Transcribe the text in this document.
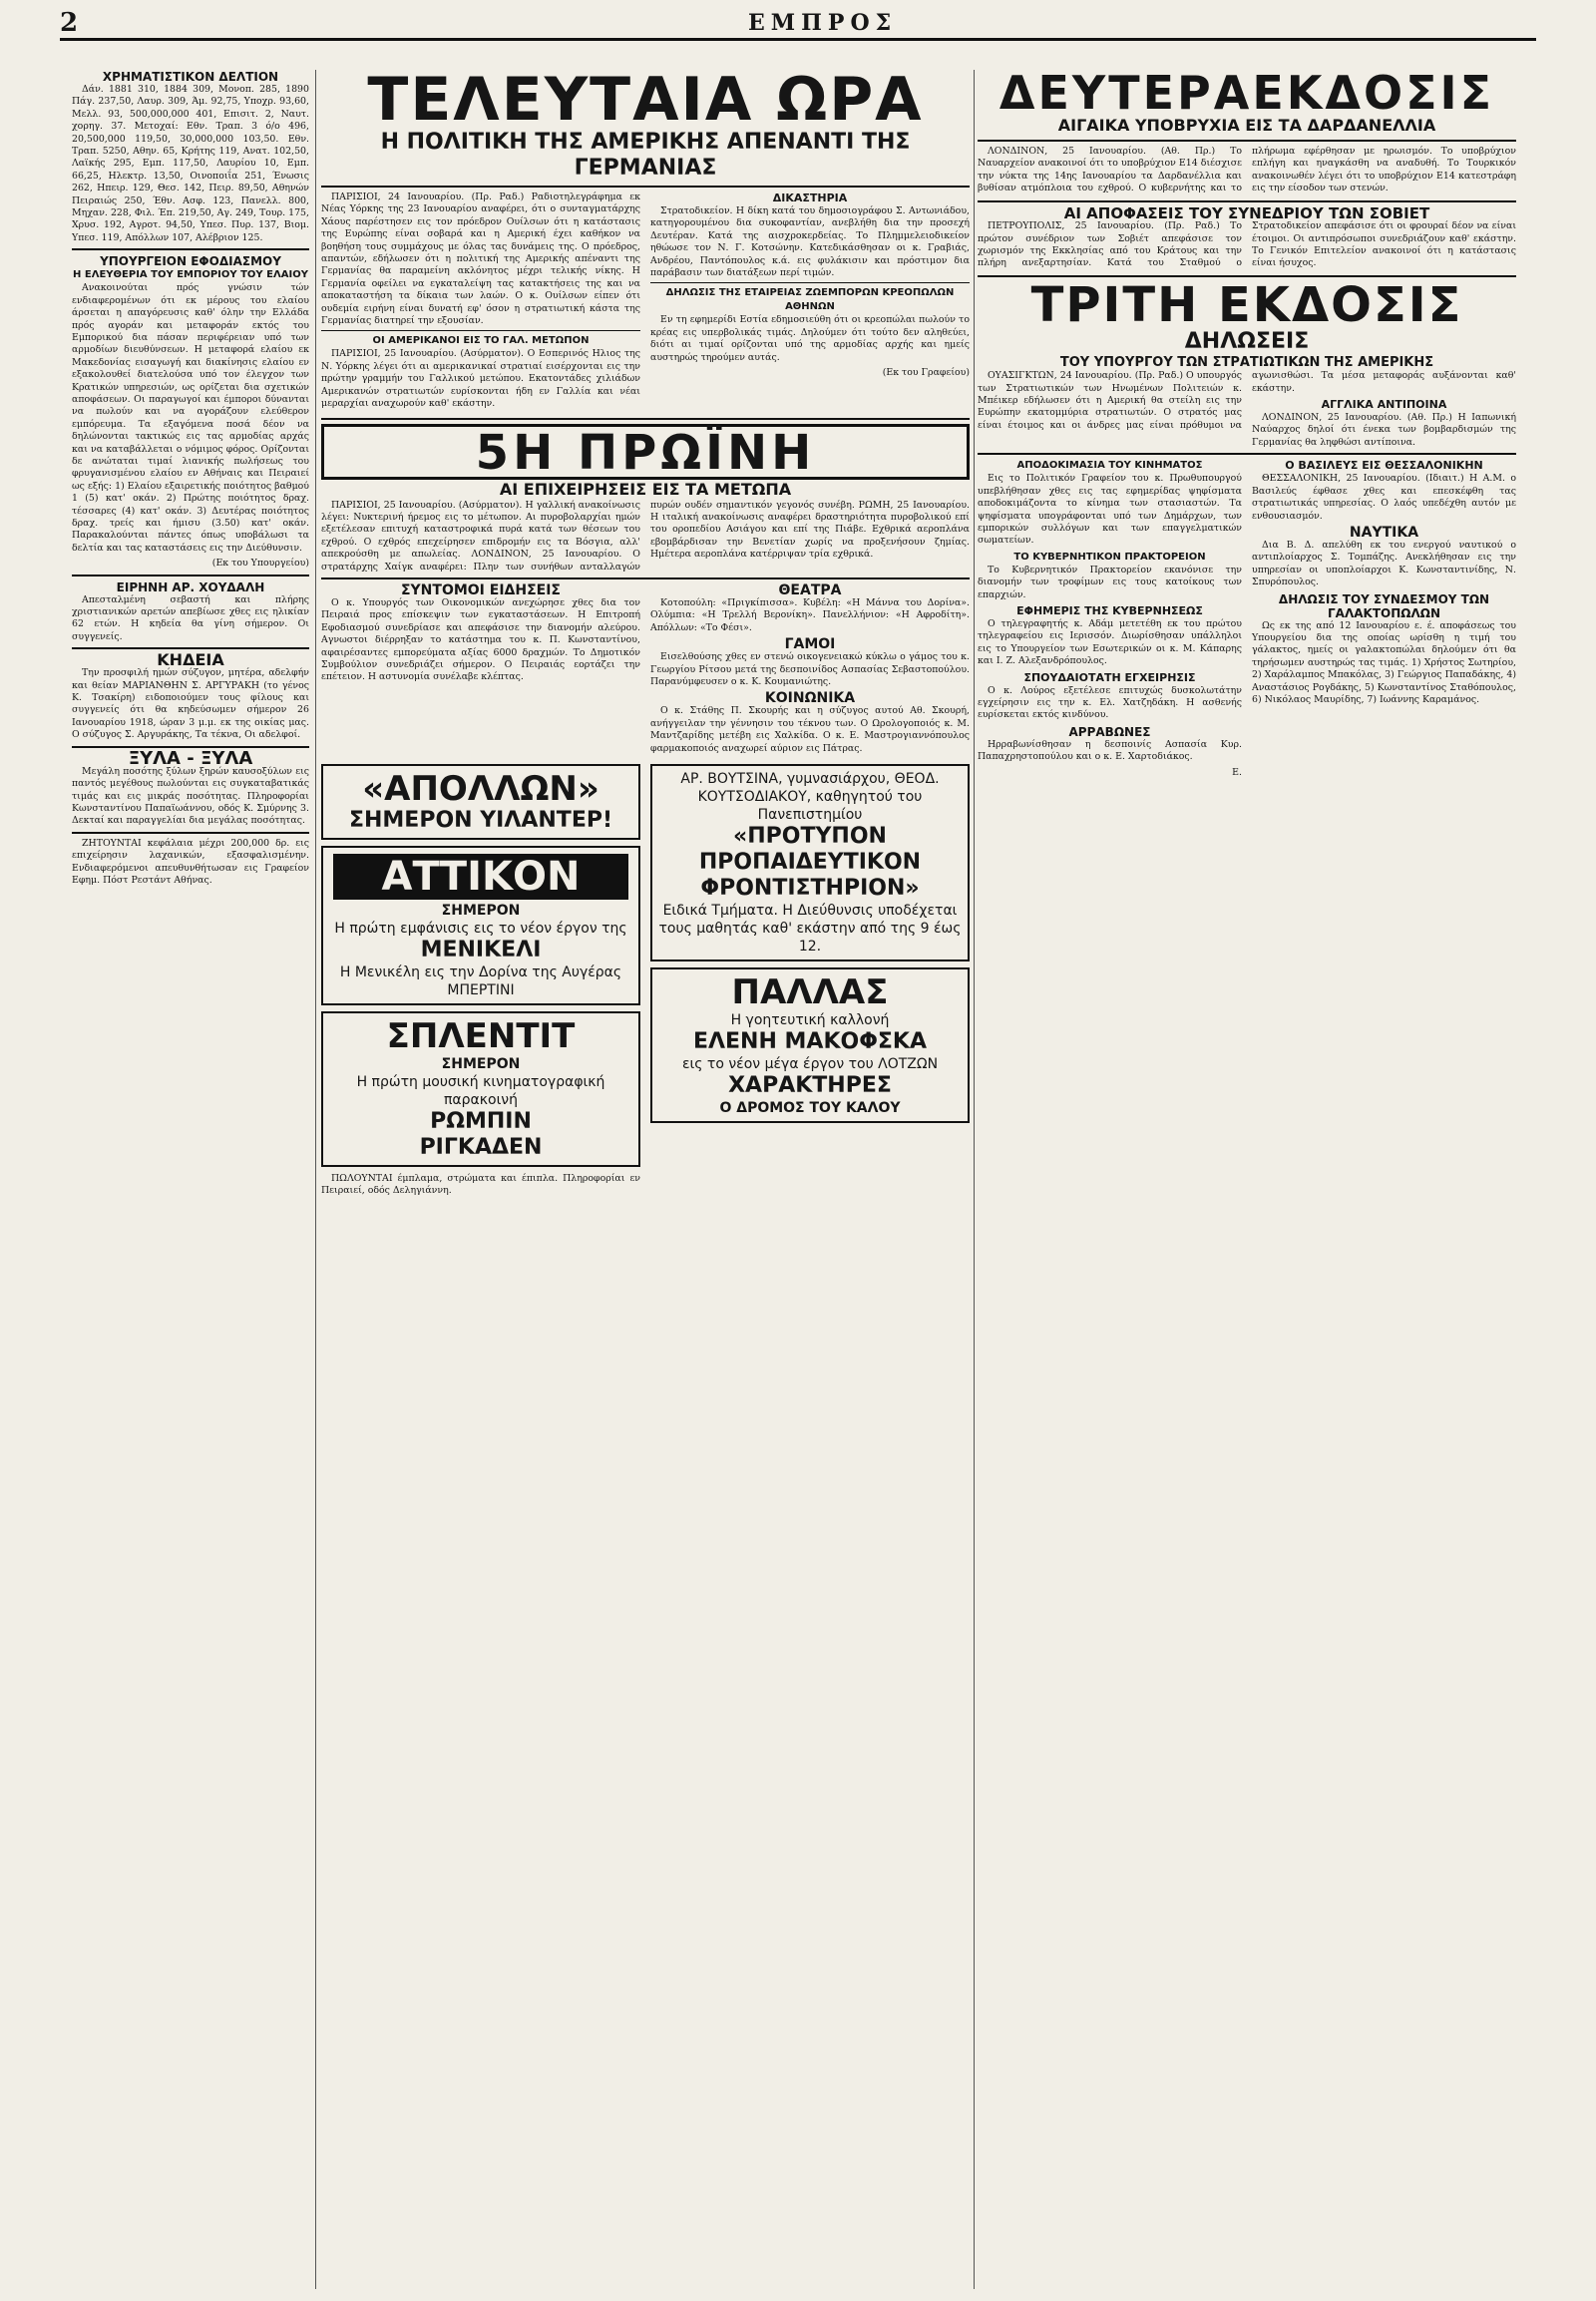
2	ΕΜΠΡΟΣ
ΧΡΗΜΑΤΙΣΤΙΚΟΝ ΔΕΛΤΙΟΝ

Δάν. 1881 310, 1884 309, Μονοπ. 285, 1890 Πάγ. 237,50, Λαυρ. 309, Άμ. 92,75, Υποχρ. 93,60, Μελλ. 93, 500,000,000 401, Επισιτ. 2, Ναυτ. χορηγ. 37. Μετοχαί: Εθν. Τραπ. 3 ό/ο 496, 20,500,000 119,50, 30,000,000 103,50. Εθν. Τραπ. 5250, Αθην. 65, Κρήτης 119, Ανατ. 102,50, Λαϊκής 295, Εμπ. 117,50, Λαυρίου 10, Εμπ. 66,25, Ηλεκτρ. 13,50, Οινοποιΐα 251, Ένωσις 262, Ηπειρ. 129, Θεσ. 142, Πειρ. 89,50, Αθηνών Πειραιώς 250, Έθν. Ασφ. 123, Πανελλ. 800, Μηχαν. 228, Φιλ. Έπ. 219,50, Αγ. 249, Τουρ. 175, Χρυσ. 192, Αγροτ. 94,50, Υπεσ. Πυρ. 137, Βιομ. Υπεσ. 119, Απόλλων 107, Αλέβριον 125.

ΥΠΟΥΡΓΕΙΟΝ ΕΦΟΔΙΑΣΜΟΥ
Η ΕΛΕΥΘΕΡΙΑ ΤΟΥ ΕΜΠΟΡΙΟΥ ΤΟΥ ΕΛΑΙΟΥ

Ανακοινούται πρός γνώσιν τών ενδιαφερομένων ότι εκ μέρους του ελαίου άρσεται η απαγόρευσις καθ' όλην την Ελλάδα πρός αγοράν και μεταφοράν εκτός του Εμπορικού δια πάσαν περιφέρειαν υπό των αρμοδίων διευθύνσεων. Η μεταφορά ελαίου εκ Μακεδονίας εισαγωγή και διακίνησις ελαίου εν εξακολουθεί διατελούσα υπό τον έλεγχον των Κρατικών υπηρεσιών, ως ορίζεται δια σχετικών αποφάσεων. Οι παραγωγοί και έμποροι δύνανται να πωλούν και να αγοράζουν ελεύθερον εμπόρευμα. Τα εξαγόμενα ποσά δέον να δηλώνονται τακτικώς εις τας αρμοδίας αρχάς και να καταβάλλεται ο νόμιμος φόρος. Ορίζονται δε ανώταται τιμαί λιανικής πωλήσεως του φρυγανισμένου ελαίου εν Αθήναις και Πειραιεί ως εξής: 1) Ελαίου εξαιρετικής ποιότητος βαθμού 1 (5) κατ' οκάν. 2) Πρώτης ποιότητος δραχ. τέσσαρες (4) κατ' οκάν. 3) Δευτέρας ποιότητος δραχ. τρείς και ήμισυ (3.50) κατ' οκάν. Παρακαλούνται πάντες όπως υποβάλωσι τα δελτία και τας καταστάσεις εις την Διεύθυνσιν.

(Εκ του Υπουργείου)
ΕΙΡΗΝΗ ΑΡ. ΧΟΥΔΑΛΗ

Απεσταλμένη σεβαστή και πλήρης χριστιανικών αρετών απεβίωσε χθες εις ηλικίαν 62 ετών. Η κηδεία θα γίνη σήμερον. Οι συγγενείς.

ΚΗΔΕΙΑ

Την προσφιλή ημών σύζυγον, μητέρα, αδελφήν και θείαν ΜΑΡΙΑΝΘΗΝ Σ. ΑΡΓΥΡΑΚΗ (το γένος Κ. Τσακίρη) ειδοποιούμεν τους φίλους και συγγενείς ότι θα κηδεύσωμεν σήμερον 26 Ιανουαρίου 1918, ώραν 3 μ.μ. εκ της οικίας μας. Ο σύζυγος Σ. Αργυράκης, Τα τέκνα, Οι αδελφοί.

ΞΥΛΑ - ΞΥΛΑ

Μεγάλη ποσότης ξύλων ξηρών καυσοξύλων εις παντός μεγέθους πωλούνται εις συγκαταβατικάς τιμάς και εις μικράς ποσότητας. Πληροφορίαι Κωνσταντίνου Παπαϊωάννου, οδός Κ. Σμύρνης 3. Δεκταί και παραγγελίαι δια μεγάλας ποσότητας.

ΖΗΤΟΥΝΤΑΙ κεφάλαια μέχρι 200,000 δρ. εις επιχείρησιν λαχανικών, εξασφαλισμένην. Ενδιαφερόμενοι απευθυνθήτωσαν εις Γραφείον Εφημ. Πόστ Ρεστάντ Αθήνας.

ΤΕΛΕΥΤΑΙΑ ΩΡΑ
Η ΠΟΛΙΤΙΚΗ ΤΗΣ ΑΜΕΡΙΚΗΣ ΑΠΕΝΑΝΤΙ ΤΗΣ ΓΕΡΜΑΝΙΑΣ

ΠΑΡΙΣΙΟΙ, 24 Ιανουαρίου. (Πρ. Ραδ.) Ραδιοτηλεγράφημα εκ Νέας Υόρκης της 23 Ιανουαρίου αναφέρει, ότι ο συνταγματάρχης Χάους παρέστησεν εις τον πρόεδρον Ουίλσων ότι η κατάστασις της Ευρώπης είναι σοβαρά και η Αμερική έχει καθήκον να βοηθήση τους συμμάχους με όλας τας δυνάμεις της. Ο πρόεδρος, απαντών, εδήλωσεν ότι η πολιτική της Αμερικής απέναντι της Γερμανίας θα παραμείνη ακλόνητος μέχρι τελικής νίκης. Η Γερμανία οφείλει να εγκαταλείψη τας κατακτήσεις της και να αποκαταστήση τα δίκαια των λαών. Ο κ. Ουίλσων είπεν ότι ουδεμία ειρήνη είναι δυνατή εφ' όσον η στρατιωτική κάστα της Γερμανίας διατηρεί την εξουσίαν.

ΟΙ ΑΜΕΡΙΚΑΝΟΙ ΕΙΣ ΤΟ ΓΑΛ. ΜΕΤΩΠΟΝ

ΠΑΡΙΣΙΟΙ, 25 Ιανουαρίου. (Ασύρματον). Ο Εσπερινός Ηλιος της Ν. Υόρκης λέγει ότι αι αμερικανικαί στρατιαί εισέρχονται εις την πρώτην γραμμήν του Γαλλικού μετώπου. Εκατοντάδες χιλιάδων Αμερικανών στρατιωτών ευρίσκονται ήδη εν Γαλλία και νέαι μεραρχίαι αναχωρούν καθ' εκάστην.

ΔΙΚΑΣΤΗΡΙΑ

Στρατοδικείον. Η δίκη κατά του δημοσιογράφου Σ. Αντωνιάδου, κατηγορουμένου δια συκοφαντίαν, ανεβλήθη δια την προσεχή Δευτέραν. Κατά της αισχροκερδείας. Το Πλημμελειοδικείον ηθώωσε τον Ν. Γ. Κοτσώνην. Κατεδικάσθησαν οι κ. Γραβιάς, Ανδρέου, Παντόπουλος κ.ά. εις φυλάκισιν και πρόστιμον δια παράβασιν των διατάξεων περί τιμών.

ΔΗΛΩΣΙΣ ΤΗΣ ΕΤΑΙΡΕΙΑΣ ΖΩΕΜΠΟΡΩΝ ΚΡΕΟΠΩΛΩΝ ΑΘΗΝΩΝ

Εν τη εφημερίδι Εστία εδημοσιεύθη ότι οι κρεοπώλαι πωλούν το κρέας εις υπερβολικάς τιμάς. Δηλούμεν ότι τούτο δεν αληθεύει, διότι αι τιμαί ορίζονται υπό της αρμοδίας αρχής και ημείς αυστηρώς τηρούμεν αυτάς.

(Εκ του Γραφείου)
5Η ΠΡΩΪΝΗ
ΑΙ ΕΠΙΧΕΙΡΗΣΕΙΣ ΕΙΣ ΤΑ ΜΕΤΩΠΑ

ΠΑΡΙΣΙΟΙ, 25 Ιανουαρίου. (Ασύρματον). Η γαλλική ανακοίνωσις λέγει: Νυκτερινή ήρεμος εις το μέτωπον. Αι πυροβολαρχίαι ημών εξετέλεσαν επιτυχή καταστροφικά πυρά κατά των θέσεων του εχθρού. Ο εχθρός επεχείρησεν επιδρομήν εις τα Βόσγια, αλλ' απεκρούσθη με απωλείας. ΛΟΝΔΙΝΟΝ, 25 Ιανουαρίου. Ο στρατάρχης Χαίγκ αναφέρει: Πλην των συνήθων ανταλλαγών πυρών ουδέν σημαντικόν γεγονός συνέβη. ΡΩΜΗ, 25 Ιανουαρίου. Η ιταλική ανακοίνωσις αναφέρει δραστηριότητα πυροβολικού επί του οροπεδίου Ασιάγου και επί της Πιάβε. Εχθρικά αεροπλάνα εβομβάρδισαν την Βενετίαν χωρίς να προξενήσουν ζημίας. Ημέτερα αεροπλάνα κατέρριψαν τρία εχθρικά.

ΣΥΝΤΟΜΟΙ ΕΙΔΗΣΕΙΣ

Ο κ. Υπουργός των Οικονομικών ανεχώρησε χθες δια τον Πειραιά προς επίσκεψιν των εγκαταστάσεων. Η Επιτροπή Εφοδιασμού συνεδρίασε και απεφάσισε την διανομήν αλεύρου. Αγνωστοι διέρρηξαν το κατάστημα του κ. Π. Κωνσταντίνου, αφαιρέσαντες εμπορεύματα αξίας 6000 δραχμών. Το Δημοτικόν Συμβούλιον συνεδριάζει σήμερον. Ο Πειραιάς εορτάζει την επέτειον. Η αστυνομία συνέλαβε κλέπτας.

ΘΕΑΤΡΑ

Κοτοπούλη: «Πριγκίπισσα». Κυβέλη: «Η Μάννα του Δορίνα». Ολύμπια: «Η Τρελλή Βερονίκη». Πανελλήνιον: «Η Αφροδίτη». Απόλλων: «Το Φέσι».

ΓΑΜΟΙ

Εισελθούσης χθες εν στενώ οικογενειακώ κύκλω ο γάμος του κ. Γεωργίου Ρίτσου μετά της δεσποινίδος Ασπασίας Σεβαστοπούλου. Παρανύμφευσεν ο κ. Κ. Κουμανιώτης.

ΚΟΙΝΩΝΙΚΑ

Ο κ. Στάθης Π. Σκουρής και η σύζυγος αυτού Αθ. Σκουρή, ανήγγειλαν την γέννησιν του τέκνου των. Ο Ωρολογοποιός κ. Μ. Μαντζαρίδης μετέβη εις Χαλκίδα. Ο κ. Ε. Μαστρογιαννόπουλος φαρμακοποιός αναχωρεί αύριον εις Πάτρας.

«ΑΠΟΛΛΩΝ»
ΣΗΜΕΡΟΝ ΥΙΛΑΝΤΕΡ!
ΑΤΤΙΚΟΝ
ΣΗΜΕΡΟΝ
Η πρώτη εμφάνισις εις το νέον έργον της
ΜΕΝΙΚΕΛΙ
Η Μενικέλη εις την Δορίνα της Αυγέρας ΜΠΕΡΤΙΝΙ
ΣΠΛΕΝΤΙΤ
ΣΗΜΕΡΟΝ
Η πρώτη μουσική κινηματογραφική παρακοινή
ΡΩΜΠΙΝ
ΡΙΓΚΑΔΕΝ

ΠΩΛΟΥΝΤΑΙ έμπλαμα, στρώματα και έπιπλα. Πληροφορίαι εν Πειραιεί, οδός Δεληγιάννη.

ΑΡ. ΒΟΥΤΣΙΝΑ, γυμνασιάρχου, ΘΕΟΔ. ΚΟΥΤΣΟΔΙΑΚΟΥ, καθηγητού του Πανεπιστημίου
«ΠΡΟΤΥΠΟΝ ΠΡΟΠΑΙΔΕΥΤΙΚΟΝ ΦΡΟΝΤΙΣΤΗΡΙΟΝ»
Ειδικά Τμήματα. Η Διεύθυνσις υποδέχεται τους μαθητάς καθ' εκάστην από της 9 έως 12.
ΠΑΛΛΑΣ
Η γοητευτική καλλονή
ΕΛΕΝΗ ΜΑΚΟΦΣΚΑ
εις το νέον μέγα έργον του ΛΟΤΖΩΝ
ΧΑΡΑΚΤΗΡΕΣ
Ο ΔΡΟΜΟΣ ΤΟΥ ΚΑΛΟΥ
ΔΕΥΤΕΡΑΕΚΔΟΣΙΣ
ΑΙΓΑΙΚΑ ΥΠΟΒΡΥΧΙΑ ΕΙΣ ΤΑ ΔΑΡΔΑΝΕΛΛΙΑ

ΛΟΝΔΙΝΟΝ, 25 Ιανουαρίου. (Αθ. Πρ.) Το Ναυαρχείον ανακοινοί ότι το υποβρύχιον Ε14 διέσχισε την νύκτα της 14ης Ιανουαρίου τα Δαρδανέλλια και βυθίσαν ατμόπλοια του εχθρού. Ο κυβερνήτης και το πλήρωμα εφέρθησαν με ηρωισμόν. Το υποβρύχιον επλήγη και ηναγκάσθη να αναδυθή. Το Τουρκικόν ανακοινωθέν λέγει ότι το υποβρύχιον Ε14 κατεστράφη εις την είσοδον των στενών.

ΑΙ ΑΠΟΦΑΣΕΙΣ ΤΟΥ ΣΥΝΕΔΡΙΟΥ ΤΩΝ ΣΟΒΙΕΤ

ΠΕΤΡΟΥΠΟΛΙΣ, 25 Ιανουαρίου. (Πρ. Ραδ.) Το πρώτον συνέδριον των Σοβιέτ απεφάσισε τον χωρισμόν της Εκκλησίας από του Κράτους και την πλήρη ανεξαρτησίαν. Κατά του Σταθμού ο Στρατοδικείον απεφάσισε ότι οι φρουραί δέον να είναι έτοιμοι. Οι αντιπρόσωποι συνεδριάζουν καθ' εκάστην. Το Γενικόν Επιτελείον ανακοινοί ότι η κατάστασις είναι ήσυχος.

ΤΡΙΤΗ ΕΚΔΟΣΙΣ
ΔΗΛΩΣΕΙΣ
ΤΟΥ ΥΠΟΥΡΓΟΥ ΤΩΝ ΣΤΡΑΤΙΩΤΙΚΩΝ ΤΗΣ ΑΜΕΡΙΚΗΣ

ΟΥΑΣΙΓΚΤΩΝ, 24 Ιανουαρίου. (Πρ. Ραδ.) Ο υπουργός των Στρατιωτικών των Ηνωμένων Πολιτειών κ. Μπέικερ εδήλωσεν ότι η Αμερική θα στείλη εις την Ευρώπην εκατομμύρια στρατιωτών. Ο στρατός μας είναι έτοιμος και οι άνδρες μας είναι πρόθυμοι να αγωνισθώσι. Τα μέσα μεταφοράς αυξάνονται καθ' εκάστην.

ΑΓΓΛΙΚΑ ΑΝΤΙΠΟΙΝΑ

ΛΟΝΔΙΝΟΝ, 25 Ιανουαρίου. (Αθ. Πρ.) Η Ιαπωνική Ναύαρχος δηλοί ότι ένεκα των βομβαρδισμών της Γερμανίας θα ληφθώσι αντίποινα.

ΑΠΟΔΟΚΙΜΑΣΙΑ ΤΟΥ ΚΙΝΗΜΑΤΟΣ

Εις το Πολιτικόν Γραφείον του κ. Πρωθυπουργού υπεβλήθησαν χθες εις τας εφημερίδας ψηφίσματα αποδοκιμάζοντα το κίνημα των στασιαστών. Τα ψηφίσματα υπογράφονται υπό των Δημάρχων, των εμπορικών συλλόγων και των επαγγελματικών σωματείων.

ΤΟ ΚΥΒΕΡΝΗΤΙΚΟΝ ΠΡΑΚΤΟΡΕΙΟΝ

Το Κυβερνητικόν Πρακτορείον εκανόνισε την διανομήν των τροφίμων εις τους κατοίκους των επαρχιών.

ΕΦΗΜΕΡΙΣ ΤΗΣ ΚΥΒΕΡΝΗΣΕΩΣ

Ο τηλεγραφητής κ. Αδάμ μετετέθη εκ του πρώτου τηλεγραφείου εις Ιερισσόν. Διωρίσθησαν υπάλληλοι εις το Υπουργείον των Εσωτερικών οι κ. Μ. Κάπαρης και Ι. Ζ. Αλεξανδρόπουλος.

ΣΠΟΥΔΑΙΟΤΑΤΗ ΕΓΧΕΙΡΗΣΙΣ

Ο κ. Λούρος εξετέλεσε επιτυχώς δυσκολωτάτην εγχείρησιν εις την κ. Ελ. Χατζηδάκη. Η ασθενής ευρίσκεται εκτός κινδύνου.

ΑΡΡΑΒΩΝΕΣ

Ηρραβωνίσθησαν η δεσποινίς Ασπασία Κυρ. Παπαχρηστοπούλου και ο κ. Ε. Χαρτοδιάκος.

Ε.
Ο ΒΑΣΙΛΕΥΣ ΕΙΣ ΘΕΣΣΑΛΟΝΙΚΗΝ

ΘΕΣΣΑΛΟΝΙΚΗ, 25 Ιανουαρίου. (Ιδιαιτ.) Η Α.Μ. ο Βασιλεύς έφθασε χθες και επεσκέφθη τας στρατιωτικάς υπηρεσίας. Ο λαός υπεδέχθη αυτόν με ενθουσιασμόν.

ΝΑΥΤΙΚΑ

Δια Β. Δ. απελύθη εκ του ενεργού ναυτικού ο αντιπλοίαρχος Σ. Τομπάζης. Ανεκλήθησαν εις την υπηρεσίαν οι υποπλοίαρχοι Κ. Κωνσταντινίδης, Ν. Σπυρόπουλος.

ΔΗΛΩΣΙΣ ΤΟΥ ΣΥΝΔΕΣΜΟΥ ΤΩΝ ΓΑΛΑΚΤΟΠΩΛΩΝ

Ως εκ της από 12 Ιανουαρίου ε. έ. αποφάσεως του Υπουργείου δια της οποίας ωρίσθη η τιμή του γάλακτος, ημείς οι γαλακτοπώλαι δηλούμεν ότι θα τηρήσωμεν αυστηρώς τας τιμάς. 1) Χρήστος Σωτηρίου, 2) Χαράλαμπος Μπακόλας, 3) Γεώργιος Παπαδάκης, 4) Αναστάσιος Ρογδάκης, 5) Κωνσταντίνος Σταθόπουλος, 6) Νικόλαος Μαυρίδης, 7) Ιωάννης Καραμάνος.
